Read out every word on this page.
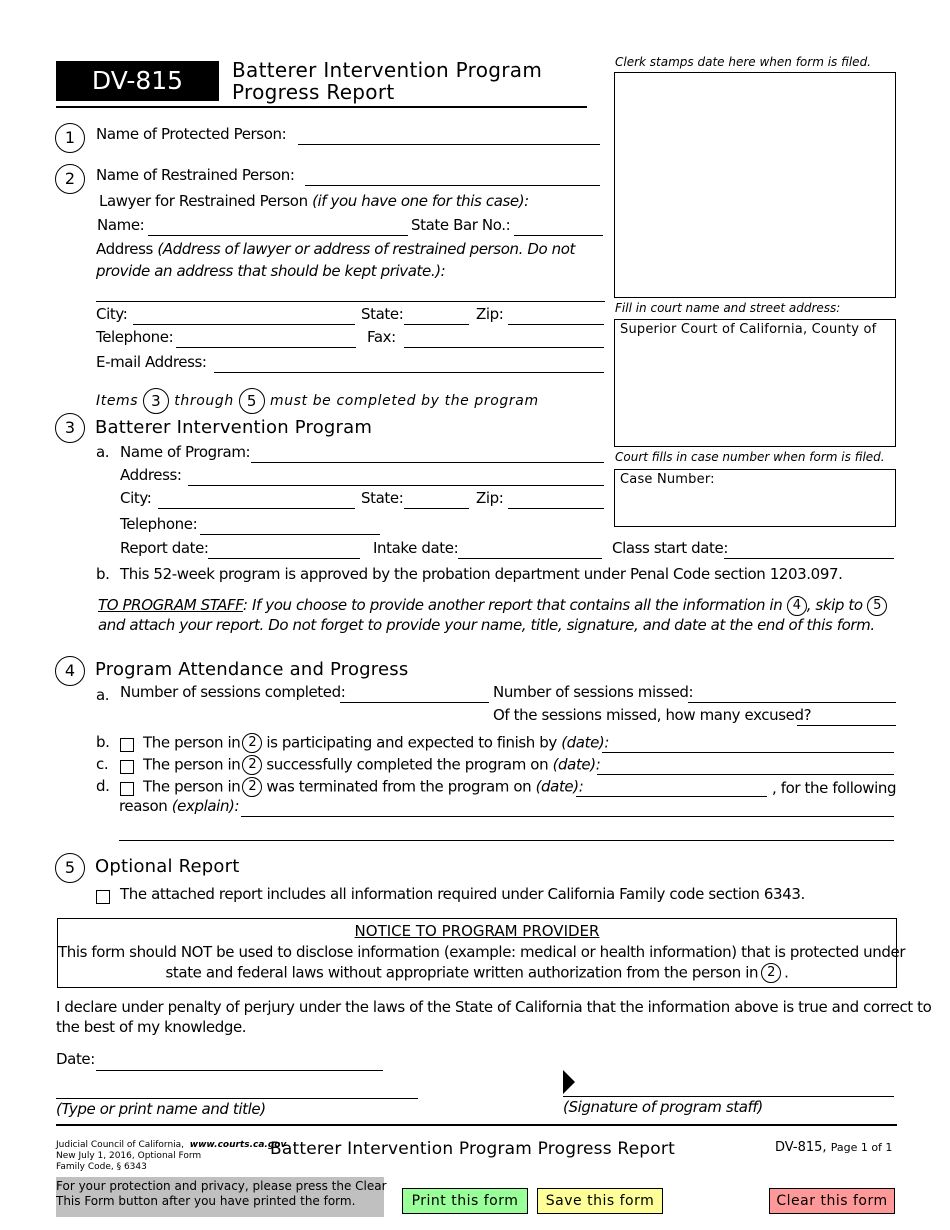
DV-815	Batterer Intervention Program
Progress Report
Clerk stamps date here when form is filed.
Fill in court name and street address:
Superior Court of California, County of
Court fills in case number when form is filed.
Case Number:
1	Name of Protected Person:
2	Name of Restrained Person:
Lawyer for Restrained Person (if you have one for this case):
Name:	State Bar No.:
Address (Address of lawyer or address of restrained person. Do not
provide an address that should be kept private.):
City:	State:	Zip:
Telephone:	Fax:
E-mail Address:
Items 3 through 5 must be completed by the program
3	Batterer Intervention Program
a. Name of Program:
Address:
City:	State:	Zip:
Telephone:
Report date:	Intake date:	Class start date:
b. This 52-week program is approved by the probation department under Penal Code section 1203.097.
TO PROGRAM STAFF: If you choose to provide another report that contains all the information in 4 , skip to 5
and attach your report. Do not forget to provide your name, title, signature, and date at the end of this form.
4	Program Attendance and Progress
a. Number of sessions completed:	Number of sessions missed:
Of the sessions missed, how many excused?
b. The person in 2 is participating and expected to finish by (date):
c. The person in 2 successfully completed the program on (date):
d. The person in 2 was terminated from the program on (date):	, for the following
reason (explain):
5	Optional Report
The attached report includes all information required under California Family code section 6343.
NOTICE TO PROGRAM PROVIDER
This form should NOT be used to disclose information (example: medical or health information) that is protected under
state and federal laws without appropriate written authorization from the person in 2 .
I declare under penalty of perjury under the laws of the State of California that the information above is true and correct to
the best of my knowledge.
Date:
(Type or print name and title)	(Signature of program staff)
Judicial Council of California, www.courts.ca.gov
New July 1, 2016, Optional Form
Family Code, § 6343
Batterer Intervention Program Progress Report	DV-815, Page 1 of 1
For your protection and privacy, please press the Clear
This Form button after you have printed the form.	Print this form	Save this form	Clear this form
